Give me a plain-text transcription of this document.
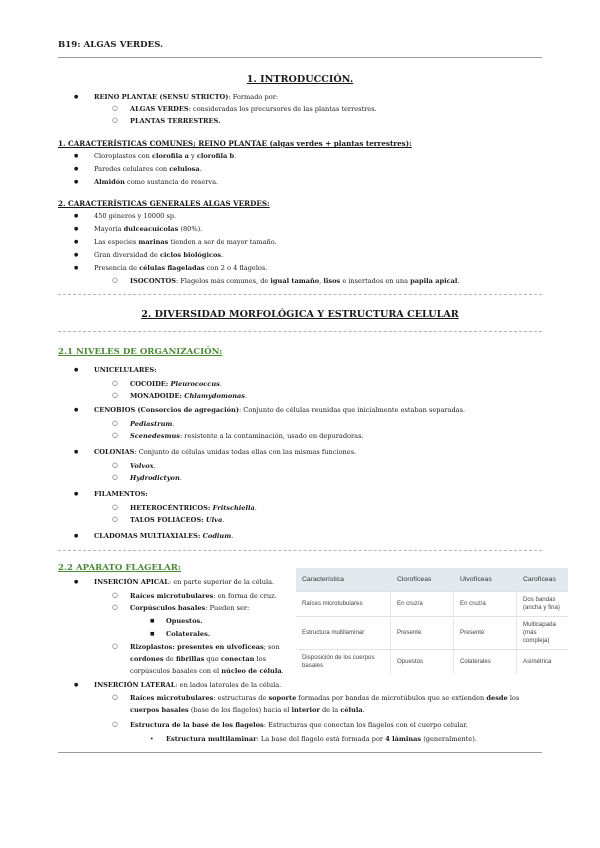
B19: ALGAS VERDES.
1. INTRODUCCIÓN.
● REINO PLANTAE (SENSU STRICTO): Formado por:
○ ALGAS VERDES: consideradas los precursores de las plantas terrestres.
○ PLANTAS TERRESTRES.
1. CARACTERÍSTICAS COMUNES; REINO PLANTAE (algas verdes + plantas terrestres):
● Cloroplastos con clorofila a y clorofila b.
● Paredes celulares con celulosa.
● Almidón como sustancia de reserva.
2. CARACTERÍSTICAS GENERALES ALGAS VERDES:
● 450 géneros y 10000 sp.
● Mayoría dulceacuícolas (80%).
● Las especies marinas tienden a ser de mayor tamaño.
● Gran diversidad de ciclos biológicos.
● Presencia de células flageladas con 2 o 4 flagelos.
○ ISOCONTOS: Flagelos más comunes, de igual tamaño, lisos e insertados en una papila apical.
2. DIVERSIDAD MORFOLÓGICA Y ESTRUCTURA CELULAR
2.1 NIVELES DE ORGANIZACIÓN:
● UNICELULARES:
○ COCOIDE: Pleurococcus.
○ MONADOIDE: Chlamydomonas.
● CENOBIOS (Consorcios de agregación): Conjunto de células reunidas que inicialmente estaban separadas.
○ Pediastrum.
○ Scenedesmus: resistente a la contaminación, usado en depuradoras.
● COLONIAS: Conjunto de células unidas todas ellas con las mismas funciones.
○ Volvox.
○ Hydrodictyon.
● FILAMENTOS:
○ HETEROCÉNTRICOS: Fritschiella.
○ TALOS FOLIÁCEOS: Ulva.
● CLADOMAS MULTIAXIALES: Codium.
2.2 APARATO FLAGELAR:
● INSERCIÓN APICAL: en parte superior de la célula.
○ Raíces microtubulares: en forma de cruz.
○ Corpúsculos basales: Pueden ser:
■ Opuestos.
■ Colaterales.
○ Rizoplastos: presentes en ulvofíceas; son
cordones de fibrillas que conectan los
corpúsculos basales con el núcleo de célula.
● INSERCIÓN LATERAL: en lados laterales de la célula.
○ Raíces microtubulares: estructuras de soporte formadas por bandas de microtúbulos que se extienden desde los
cuerpos basales (base de los flagelos) hacia el interior de la célula.
○ Estructura de la base de los flagelos: Estructuras que conectan los flagelos con el cuerpo celular.
• Estructura multilaminar: La base del flagelo está formada por 4 láminas (generalmente).
Característica	Clorofíceas	Ulvofíceas	Carofíceas
Raíces microtubulares	En cruz/a	En cruz/a	Dos bandas (ancha y fina)
Estructura multilaminar	Presente	Presente	Multicapada (más compleja)
Disposición de los cuerpos basales	Opuestos	Colaterales	Asimétrica
